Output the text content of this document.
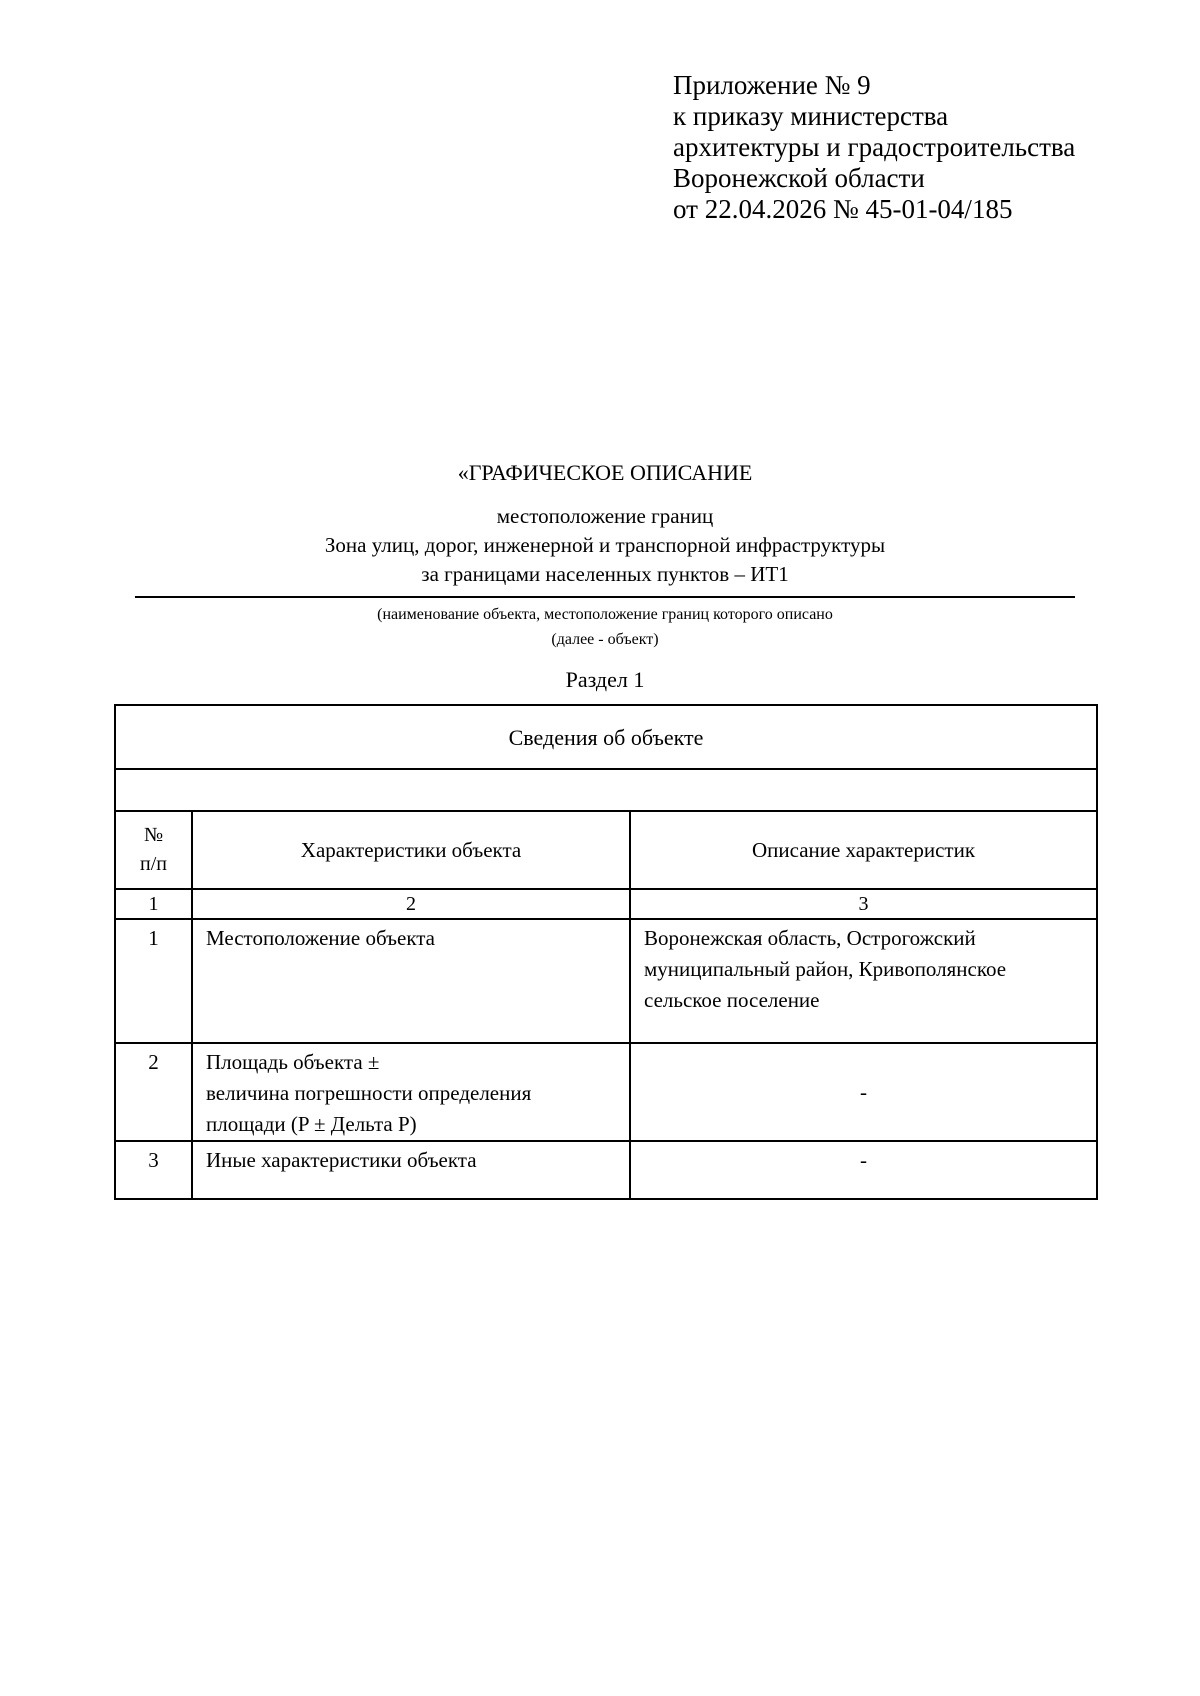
Приложение № 9
к приказу министерства
архитектуры и градостроительства
Воронежской области
от 22.04.2026 № 45-01-04/185
«ГРАФИЧЕСКОЕ ОПИСАНИЕ
местоположение границ
Зона улиц, дорог, инженерной и транспорной инфраструктуры
за границами населенных пунктов – ИТ1
(наименование объекта, местоположение границ которого описано
(далее - объект)
Раздел 1
Сведения об объекте		

№
п/п	Характеристики объекта	Описание характеристик
1	2	3
1	Местоположение объекта	Воронежская область, Острогожский муниципальный район, Кривополянское сельское поселение
2	Площадь объекта ±
величина погрешности определения
площади (P ± Дельта P)	-
3	Иные характеристики объекта	-
